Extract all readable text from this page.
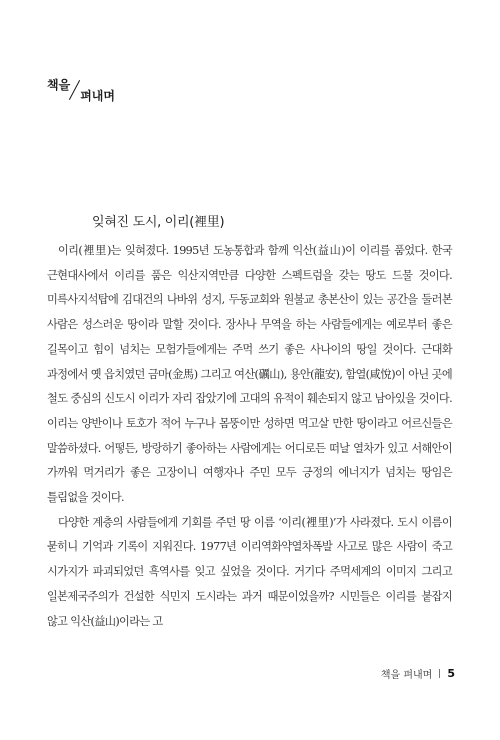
책을
펴내며
잊혀진 도시, 이리(裡里)

이리(裡里)는 잊혀졌다. 1995년 도농통합과 함께 익산(益山)이 이리를 품었다. 한국 근현대사에서 이리를 품은 익산지역만큼 다양한 스펙트럼을 갖는 땅도 드물 것이다. 미륵사지석탑에 김대건의 나바위 성지, 두동교회와 원불교 총본산이 있는 공간을 둘러본 사람은 성스러운 땅이라 말할 것이다. 장사나 무역을 하는 사람들에게는 예로부터 좋은 길목이고 힘이 넘치는 모험가들에게는 주먹 쓰기 좋은 사나이의 땅일 것이다. 근대화 과정에서 옛 읍치였던 금마(金馬) 그리고 여산(礪山), 용안(龍安), 함열(咸悅)이 아닌 곳에 철도 중심의 신도시 이리가 자리 잡았기에 고대의 유적이 훼손되지 않고 남아있을 것이다. 이리는 양반이나 토호가 적어 누구나 몸뚱이만 성하면 먹고살 만한 땅이라고 어르신들은 말씀하셨다. 어떻든, 방랑하기 좋아하는 사람에게는 어디로든 떠날 열차가 있고 서해안이 가까워 먹거리가 좋은 고장이니 여행자나 주민 모두 긍정의 에너지가 넘치는 땅임은 틀림없을 것이다.

다양한 계층의 사람들에게 기회를 주던 땅 이름 ‘이리(裡里)’가 사라졌다. 도시 이름이 묻히니 기억과 기록이 지워진다. 1977년 이리역화약열차폭발 사고로 많은 사람이 죽고 시가지가 파괴되었던 흑역사를 잊고 싶었을 것이다. 거기다 주먹세계의 이미지 그리고 일본제국주의가 건설한 식민지 도시라는 과거 때문이었을까? 시민들은 이리를 붙잡지 않고 익산(益山)이라는 고

책을 펴내며 5
